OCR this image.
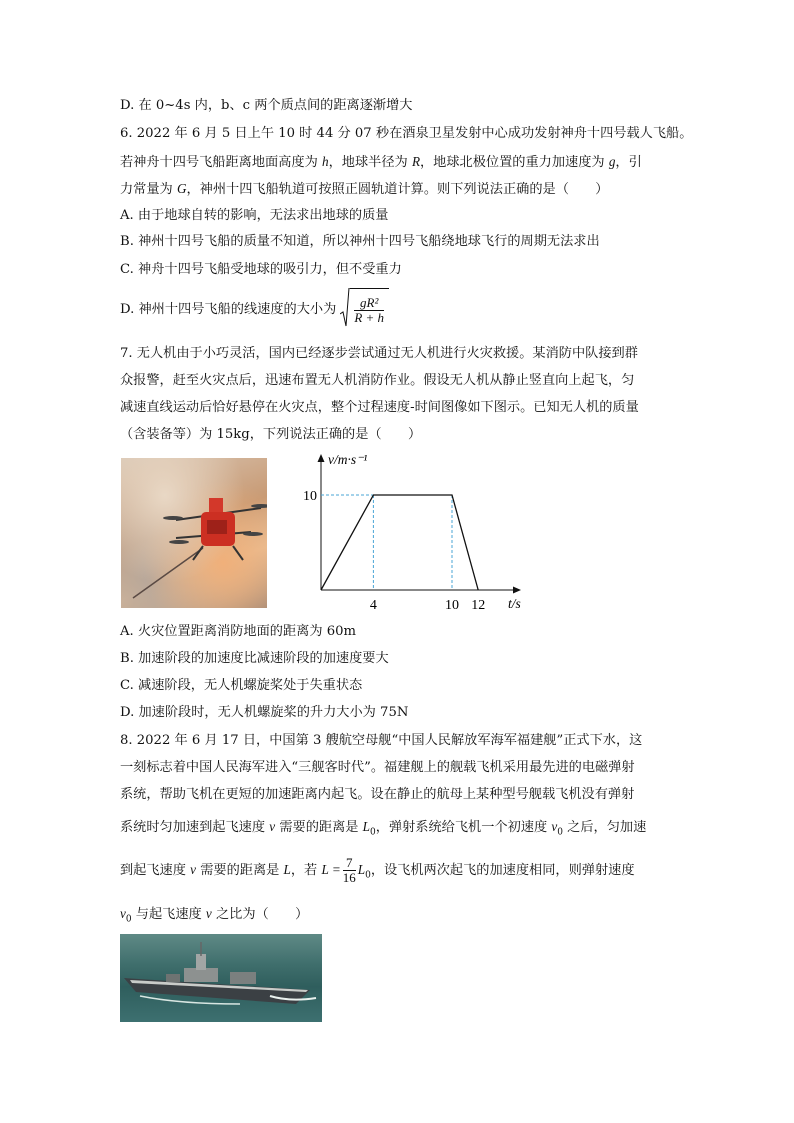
D. 在 0~4s 内，b、c 两个质点间的距离逐渐增大
6. 2022 年 6 月 5 日上午 10 时 44 分 07 秒在酒泉卫星发射中心成功发射神舟十四号载人飞船。
若神舟十四号飞船距离地面高度为 h，地球半径为 R，地球北极位置的重力加速度为 g，引
力常量为 G，神州十四飞船轨道可按照正圆轨道计算。则下列说法正确的是（　　）
A. 由于地球自转的影响，无法求出地球的质量
B. 神州十四号飞船的质量不知道，所以神州十四号飞船绕地球飞行的周期无法求出
C. 神舟十四号飞船受地球的吸引力，但不受重力
D. 神州十四号飞船的线速度的大小为 $\frac{\text{gR²}}{R + h}$
7. 无人机由于小巧灵活，国内已经逐步尝试通过无人机进行火灾救援。某消防中队接到群
众报警，赶至火灾点后，迅速布置无人机消防作业。假设无人机从静止竖直向上起飞，匀
减速直线运动后恰好悬停在火灾点，整个过程速度-时间图像如下图示。已知无人机的质量
（含装备等）为 15kg，下列说法正确的是（　　）
4	10 12
10
v/m·s⁻¹
t/s
A. 火灾位置距离消防地面的距离为 60m
B. 加速阶段的加速度比减速阶段的加速度要大
C. 减速阶段，无人机螺旋桨处于失重状态
D. 加速阶段时，无人机螺旋桨的升力大小为 75N
8. 2022 年 6 月 17 日，中国第 3 艘航空母舰“中国人民解放军海军福建舰”正式下水，这
一刻标志着中国人民海军进入“三舰客时代”。福建舰上的舰载飞机采用最先进的电磁弹射
系统，帮助飞机在更短的加速距离内起飞。设在静止的航母上某种型号舰载飞机没有弹射
系统时匀加速到起飞速度 v 需要的距离是 $L_0$，弹射系统给飞机一个初速度 $v_0$ 之后，匀加速
到起飞速度 v 需要的距离是 L，若 $L = \frac{7}{16} L_0$，设飞机两次起飞的加速度相同，则弹射速度
$v_0$ 与起飞速度 v 之比为（　　）
